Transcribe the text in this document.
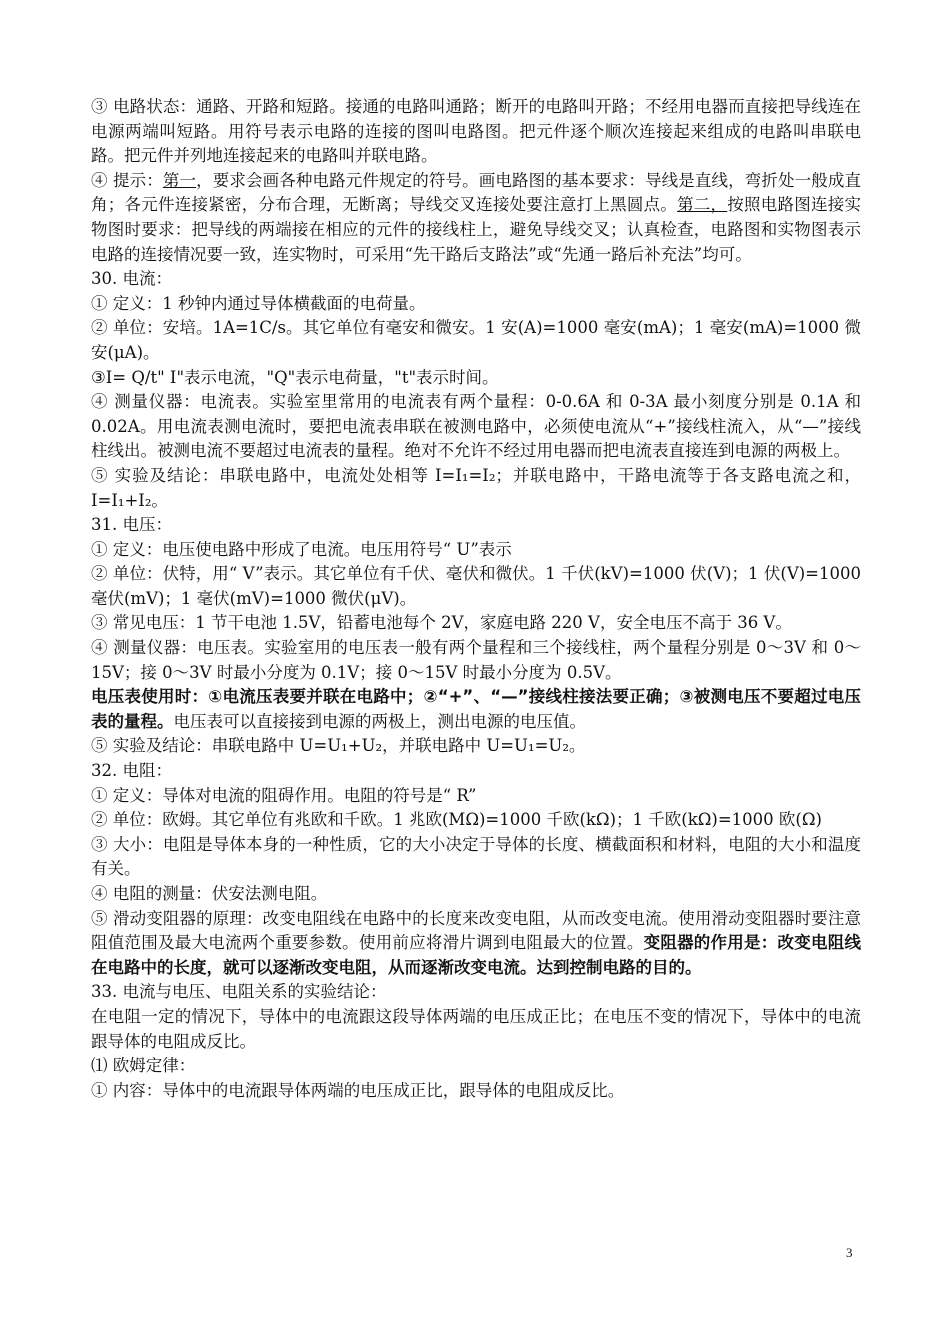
③ 电路状态：通路、开路和短路。接通的电路叫通路；断开的电路叫开路；不经用电器而直接把导线连在电源两端叫短路。用符号表示电路的连接的图叫电路图。把元件逐个顺次连接起来组成的电路叫串联电路。把元件并列地连接起来的电路叫并联电路。

④ 提示：第一，要求会画各种电路元件规定的符号。画电路图的基本要求：导线是直线，弯折处一般成直角；各元件连接紧密，分布合理，无断离；导线交叉连接处要注意打上黑圆点。第二，按照电路图连接实物图时要求：把导线的两端接在相应的元件的接线柱上，避免导线交叉；认真检查，电路图和实物图表示电路的连接情况要一致，连实物时，可采用“先干路后支路法”或“先通一路后补充法”均可。

30. 电流：

① 定义：1 秒钟内通过导体横截面的电荷量。

② 单位：安培。1A=1C/s。其它单位有毫安和微安。1 安(A)=1000 毫安(mA)；1 毫安(mA)=1000 微安(μA)。

③I= Q/t" I"表示电流，"Q"表示电荷量，"t"表示时间。

④ 测量仪器：电流表。实验室里常用的电流表有两个量程：0-0.6A 和 0-3A 最小刻度分别是 0.1A 和 0.02A。用电流表测电流时，要把电流表串联在被测电路中，必须使电流从“+”接线柱流入，从“—”接线柱线出。被测电流不要超过电流表的量程。绝对不允许不经过用电器而把电流表直接连到电源的两极上。

⑤ 实验及结论：串联电路中，电流处处相等 I=I₁=I₂；并联电路中，干路电流等于各支路电流之和，I=I₁+I₂。

31. 电压：

① 定义：电压使电路中形成了电流。电压用符号“ U”表示

② 单位：伏特，用“ V”表示。其它单位有千伏、毫伏和微伏。1 千伏(kV)=1000 伏(V)；1 伏(V)=1000 毫伏(mV)；1 毫伏(mV)=1000 微伏(μV)。

③ 常见电压：1 节干电池 1.5V，铅蓄电池每个 2V，家庭电路 220 V，安全电压不高于 36 V。

④ 测量仪器：电压表。实验室用的电压表一般有两个量程和三个接线柱，两个量程分别是 0～3V 和 0～15V；接 0～3V 时最小分度为 0.1V；接 0～15V 时最小分度为 0.5V。

电压表使用时：①电流压表要并联在电路中；②“+”、“—”接线柱接法要正确；③被测电压不要超过电压表的量程。电压表可以直接接到电源的两极上，测出电源的电压值。

⑤ 实验及结论：串联电路中 U=U₁+U₂，并联电路中 U=U₁=U₂。

32. 电阻：

① 定义：导体对电流的阻碍作用。电阻的符号是“ R”

② 单位：欧姆。其它单位有兆欧和千欧。1 兆欧(MΩ)=1000 千欧(kΩ)；1 千欧(kΩ)=1000 欧(Ω)

③ 大小：电阻是导体本身的一种性质，它的大小决定于导体的长度、横截面积和材料，电阻的大小和温度有关。

④ 电阻的测量：伏安法测电阻。

⑤ 滑动变阻器的原理：改变电阻线在电路中的长度来改变电阻，从而改变电流。使用滑动变阻器时要注意阻值范围及最大电流两个重要参数。使用前应将滑片调到电阻最大的位置。变阻器的作用是：改变电阻线在电路中的长度，就可以逐渐改变电阻，从而逐渐改变电流。达到控制电路的目的。

33. 电流与电压、电阻关系的实验结论：

在电阻一定的情况下，导体中的电流跟这段导体两端的电压成正比；在电压不变的情况下，导体中的电流跟导体的电阻成反比。

⑴ 欧姆定律：

① 内容：导体中的电流跟导体两端的电压成正比，跟导体的电阻成反比。

3
